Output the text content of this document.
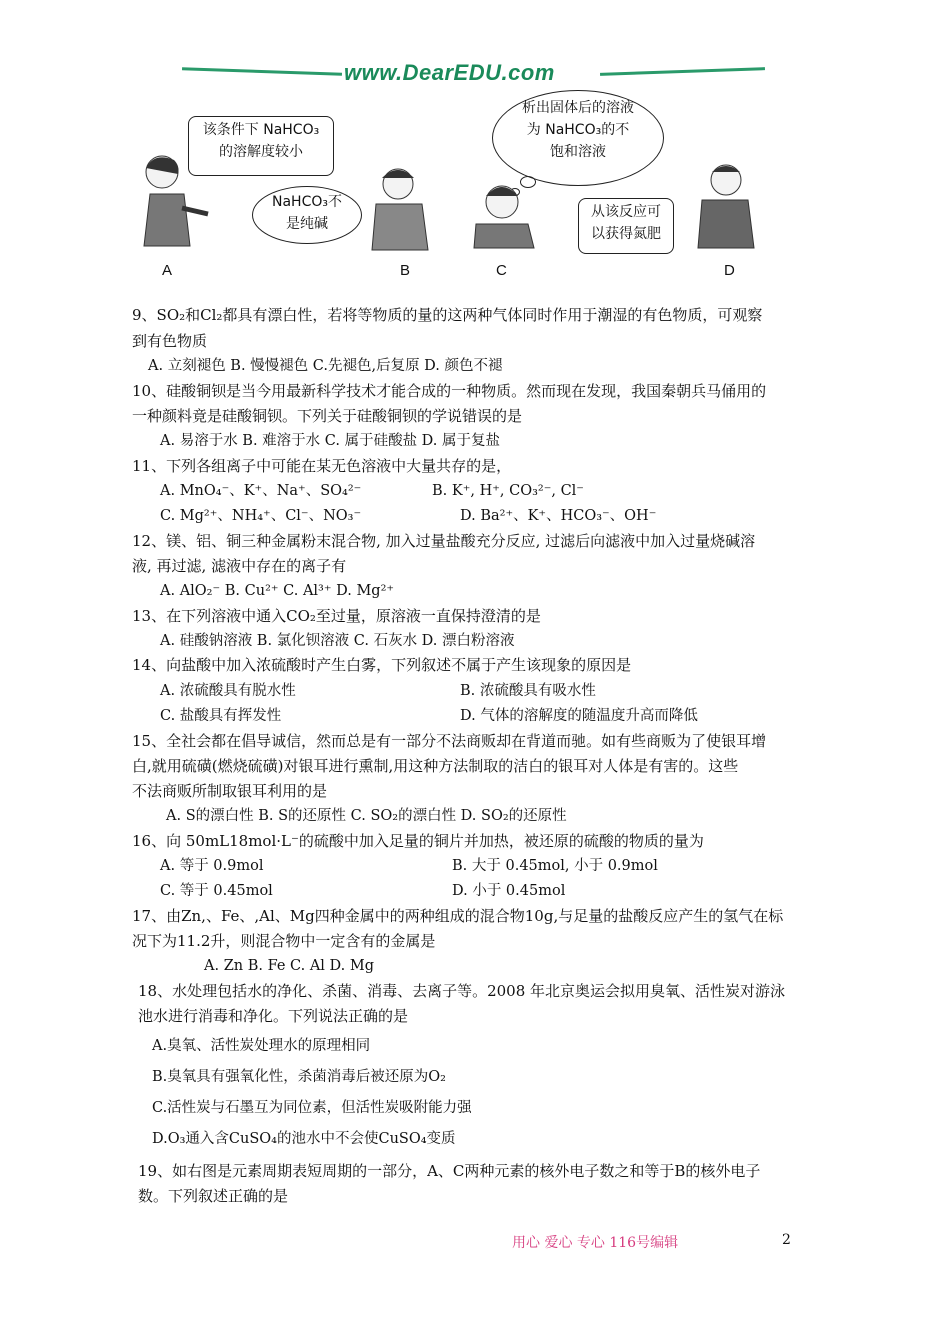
www.DearEDU.com
该条件下 NaHCO₃ 的溶解度较小
NaHCO₃不是纯碱
析出固体后的溶液为 NaHCO₃的不饱和溶液
从该反应可以获得氮肥
A	B	C	D
9、SO₂和Cl₂都具有漂白性，若将等物质的量的这两种气体同时作用于潮湿的有色物质，可观察
到有色物质
A. 立刻褪色 B. 慢慢褪色 C.先褪色,后复原 D. 颜色不褪
10、硅酸铜钡是当今用最新科学技术才能合成的一种物质。然而现在发现，我国秦朝兵马俑用的
一种颜料竟是硅酸铜钡。下列关于硅酸铜钡的学说错误的是
A. 易溶于水 B. 难溶于水 C. 属于硅酸盐 D. 属于复盐
11、下列各组离子中可能在某无色溶液中大量共存的是，
A. MnO₄⁻、K⁺、Na⁺、SO₄²⁻	B. K⁺, H⁺, CO₃²⁻, Cl⁻
C. Mg²⁺、NH₄⁺、Cl⁻、NO₃⁻	D. Ba²⁺、K⁺、HCO₃⁻、OH⁻
12、镁、铝、铜三种金属粉末混合物, 加入过量盐酸充分反应, 过滤后向滤液中加入过量烧碱溶
液, 再过滤, 滤液中存在的离子有
A. AlO₂⁻ B. Cu²⁺ C. Al³⁺ D. Mg²⁺
13、在下列溶液中通入CO₂至过量，原溶液一直保持澄清的是
A. 硅酸钠溶液 B. 氯化钡溶液 C. 石灰水 D. 漂白粉溶液
14、向盐酸中加入浓硫酸时产生白雾，下列叙述不属于产生该现象的原因是
A. 浓硫酸具有脱水性	B. 浓硫酸具有吸水性
C. 盐酸具有挥发性	D. 气体的溶解度的随温度升高而降低
15、全社会都在倡导诚信，然而总是有一部分不法商贩却在背道而驰。如有些商贩为了使银耳增
白,就用硫磺(燃烧硫磺)对银耳进行熏制,用这种方法制取的洁白的银耳对人体是有害的。这些
不法商贩所制取银耳利用的是
A. S的漂白性 B. S的还原性 C. SO₂的漂白性 D. SO₂的还原性
16、向 50mL18mol·L⁻的硫酸中加入足量的铜片并加热，被还原的硫酸的物质的量为
A. 等于 0.9mol	B. 大于 0.45mol, 小于 0.9mol
C. 等于 0.45mol	D. 小于 0.45mol
17、由Zn,、Fe、,Al、Mg四种金属中的两种组成的混合物10g,与足量的盐酸反应产生的氢气在标
况下为11.2升，则混合物中一定含有的金属是
A. Zn B. Fe C. Al D. Mg
18、水处理包括水的净化、杀菌、消毒、去离子等。2008 年北京奥运会拟用臭氧、活性炭对游泳
池水进行消毒和净化。下列说法正确的是
A.臭氧、活性炭处理水的原理相同
B.臭氧具有强氧化性，杀菌消毒后被还原为O₂
C.活性炭与石墨互为同位素，但活性炭吸附能力强
D.O₃通入含CuSO₄的池水中不会使CuSO₄变质
19、如右图是元素周期表短周期的一部分，A、C两种元素的核外电子数之和等于B的核外电子
数。下列叙述正确的是
用心 爱心 专心 116号编辑	2
